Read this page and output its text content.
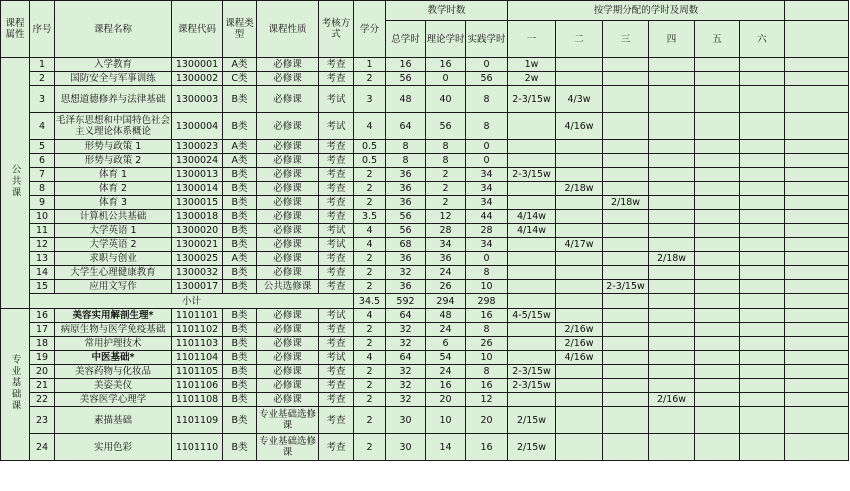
课程属性	序号	课程名称	课程代码	课程类型	课程性质	考核方式	学分	教学时数			按学期分配的学时及周数						
								总学时	理论学时	实践学时	一	二	三	四	五	六	
公共课	1	入学教育	1300001	A类	必修课	考查	1	16	16	0	1w						
	2	国防安全与军事训练	1300002	C类	必修课	考查	2	56	0	56	2w						
	3	思想道德修养与法律基础	1300003	B类	必修课	考试	3	48	40	8	2-3/15w	4/3w					
	4	毛泽东思想和中国特色社会主义理论体系概论	1300004	B类	必修课	考试	4	64	56	8		4/16w					
	5	形势与政策 1	1300023	A类	必修课	考查	0.5	8	8	0							
	6	形势与政策 2	1300024	A类	必修课	考查	0.5	8	8	0							
	7	体育 1	1300013	B类	必修课	考查	2	36	2	34	2-3/15w						
	8	体育 2	1300014	B类	必修课	考查	2	36	2	34		2/18w					
	9	体育 3	1300015	B类	必修课	考查	2	36	2	34			2/18w				
	10	计算机公共基础	1300018	B类	必修课	考查	3.5	56	12	44	4/14w						
	11	大学英语 1	1300020	B类	必修课	考试	4	56	28	28	4/14w						
	12	大学英语 2	1300021	B类	必修课	考试	4	68	34	34		4/17w					
	13	求职与创业	1300025	A类	必修课	考查	2	36	36	0				2/18w			
	14	大学生心理健康教育	1300032	B类	必修课	考查	2	32	24	8							
	15	应用文写作	1300017	B类	公共选修课	考查	2	36	26	10			2-3/15w				
	小计						34.5	592	294	298							
专业基础课	16	美容实用解剖生理*	1101101	B类	必修课	考试	4	64	48	16	4-5/15w						
	17	病原生物与医学免疫基础	1101102	B类	必修课	考查	2	32	24	8		2/16w					
	18	常用护理技术	1101103	B类	必修课	考查	2	32	6	26		2/16w					
	19	中医基础*	1101104	B类	必修课	考试	4	64	54	10		4/16w					
	20	美容药物与化妆品	1101105	B类	必修课	考查	2	32	24	8	2-3/15w						
	21	美姿美仪	1101106	B类	必修课	考查	2	32	16	16	2-3/15w						
	22	美容医学心理学	1101108	B类	必修课	考查	2	32	20	12				2/16w			
	23	素描基础	1101109	B类	专业基础选修课	考查	2	30	10	20	2/15w						
	24	实用色彩	1101110	B类	专业基础选修课	考查	2	30	14	16	2/15w						
